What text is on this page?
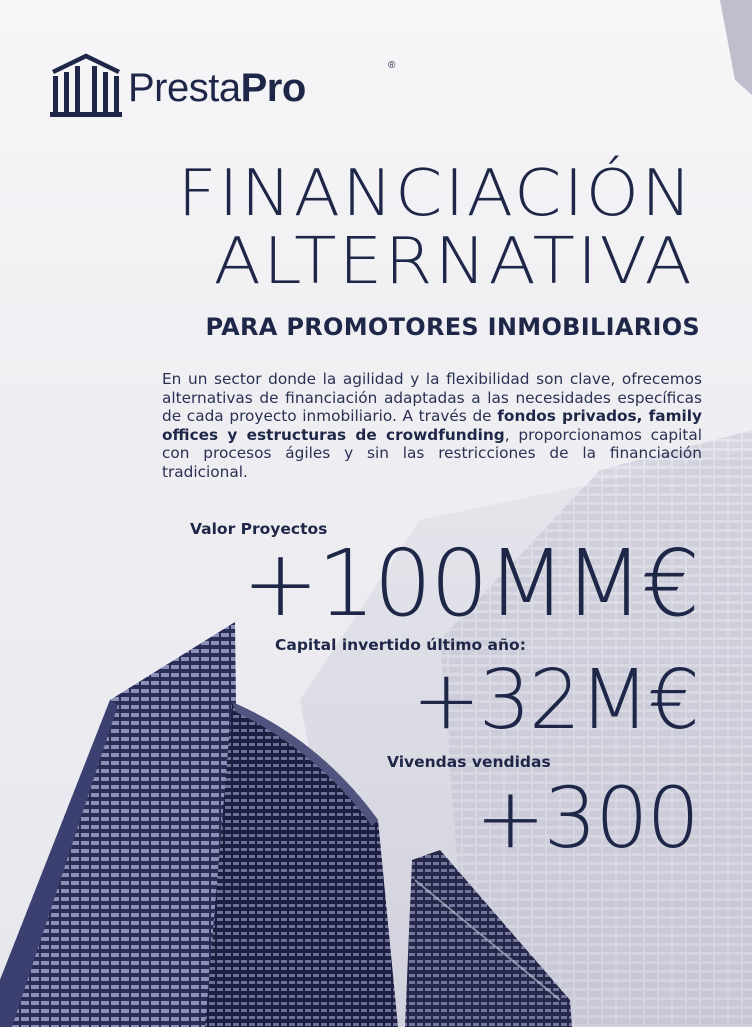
PrestaPro
®
FINANCIACIÓN
ALTERNATIVA
PARA PROMOTORES INMOBILIARIOS
En un sector donde la agilidad y la flexibilidad son clave, ofrecemos alternativas de financiación adaptadas a las necesidades específicas de cada proyecto inmobiliario. A través de fondos privados, family offices y estructuras de crowdfunding, proporcionamos capital con procesos ágiles y sin las restricciones de la financiación tradicional.
Valor Proyectos
+100MM€
Capital invertido último año:
+32M€
Vivendas vendidas
+300
